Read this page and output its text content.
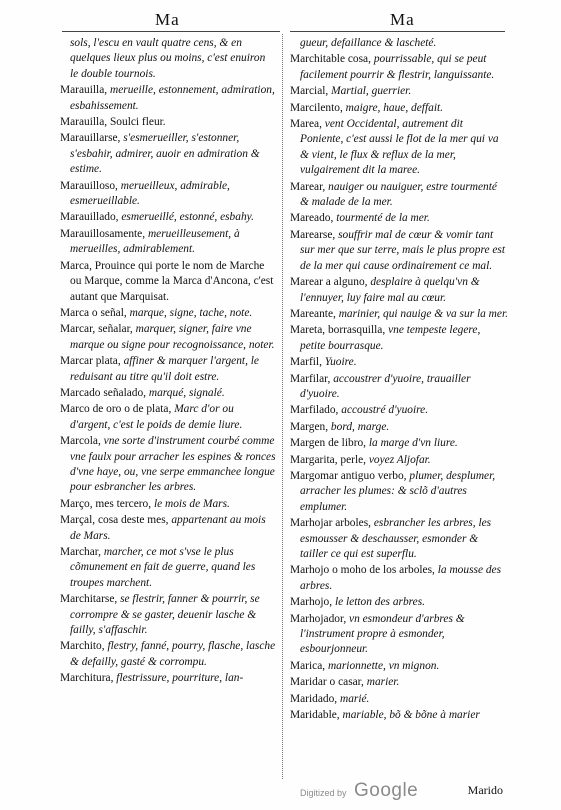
Ma	Ma
sols, l'escu en vault quatre cens, & en quelques lieux plus ou moins, c'est enuiron le double tournois.
Marauilla, merueille, estonnement, admiration, esbahissement.
Marauilla, Soulci fleur.
Marauillarse, s'esmerueiller, s'estonner, s'esbahir, admirer, auoir en admiration & estime.
Marauilloso, merueilleux, admirable, esmerueillable.
Marauillado, esmerueillé, estonné, esbahy.
Marauillosamente, merueilleusement, à merueilles, admirablement.
Marca, Prouince qui porte le nom de Marche ou Marque, comme la Marca d'Ancona, c'est autant que Marquisat.
Marca o señal, marque, signe, tache, note.
Marcar, señalar, marquer, signer, faire vne marque ou signe pour recognoissance, noter.
Marcar plata, affiner & marquer l'argent, le reduisant au titre qu'il doit estre.
Marcado señalado, marqué, signalé.
Marco de oro o de plata, Marc d'or ou d'argent, c'est le poids de demie liure.
Marcola, vne sorte d'instrument courbé comme vne faulx pour arracher les espines & ronces d'vne haye, ou, vne serpe emmanchee longue pour esbrancher les arbres.
Marҫo, mes tercero, le mois de Mars.
Marҫal, cosa deste mes, appartenant au mois de Mars.
Marchar, marcher, ce mot s'vse le plus cõmunement en fait de guerre, quand les troupes marchent.
Marchitarse, se flestrir, fanner & pourrir, se corrompre & se gaster, deuenir lasche & failly, s'affaschir.
Marchito, flestry, fanné, pourry, flasche, lasche & defailly, gasté & corrompu.
Marchitura, flestrissure, pourriture, lan-
gueur, defaillance & lascheté.
Marchitable cosa, pourrissable, qui se peut facilement pourrir & flestrir, languissante.
Marcial, Martial, guerrier.
Marcilento, maigre, haue, deffait.
Marea, vent Occidental, autrement dit Poniente, c'est aussi le flot de la mer qui va & vient, le flux & reflux de la mer, vulgairement dit la maree.
Marear, nauiger ou nauiguer, estre tourmenté & malade de la mer.
Mareado, tourmenté de la mer.
Marearse, souffrir mal de cœur & vomir tant sur mer que sur terre, mais le plus propre est de la mer qui cause ordinairement ce mal.
Marear a alguno, desplaire à quelqu'vn & l'ennuyer, luy faire mal au cœur.
Mareante, marinier, qui nauige & va sur la mer.
Mareta, borrasquilla, vne tempeste legere, petite bourrasque.
Marfil, Yuoire.
Marfilar, accoustrer d'yuoire, trauailler d'yuoire.
Marfilado, accoustré d'yuoire.
Margen, bord, marge.
Margen de libro, la marge d'vn liure.
Margarita, perle, voyez Aljofar.
Margomar antiguo verbo, plumer, desplumer, arracher les plumes: & sclõ d'autres emplumer.
Marhojar arboles, esbrancher les arbres, les esmousser & deschausser, esmonder & tailler ce qui est superflu.
Marhojo o moho de los arboles, la mousse des arbres.
Marhojo, le letton des arbres.
Marhojador, vn esmondeur d'arbres & l'instrument propre à esmonder, esbourjonneur.
Marica, marionnette, vn mignon.
Maridar o casar, marier.
Maridado, marié.
Maridable, mariable, bõ & bõne à marier
Digitized by Google	Marido
